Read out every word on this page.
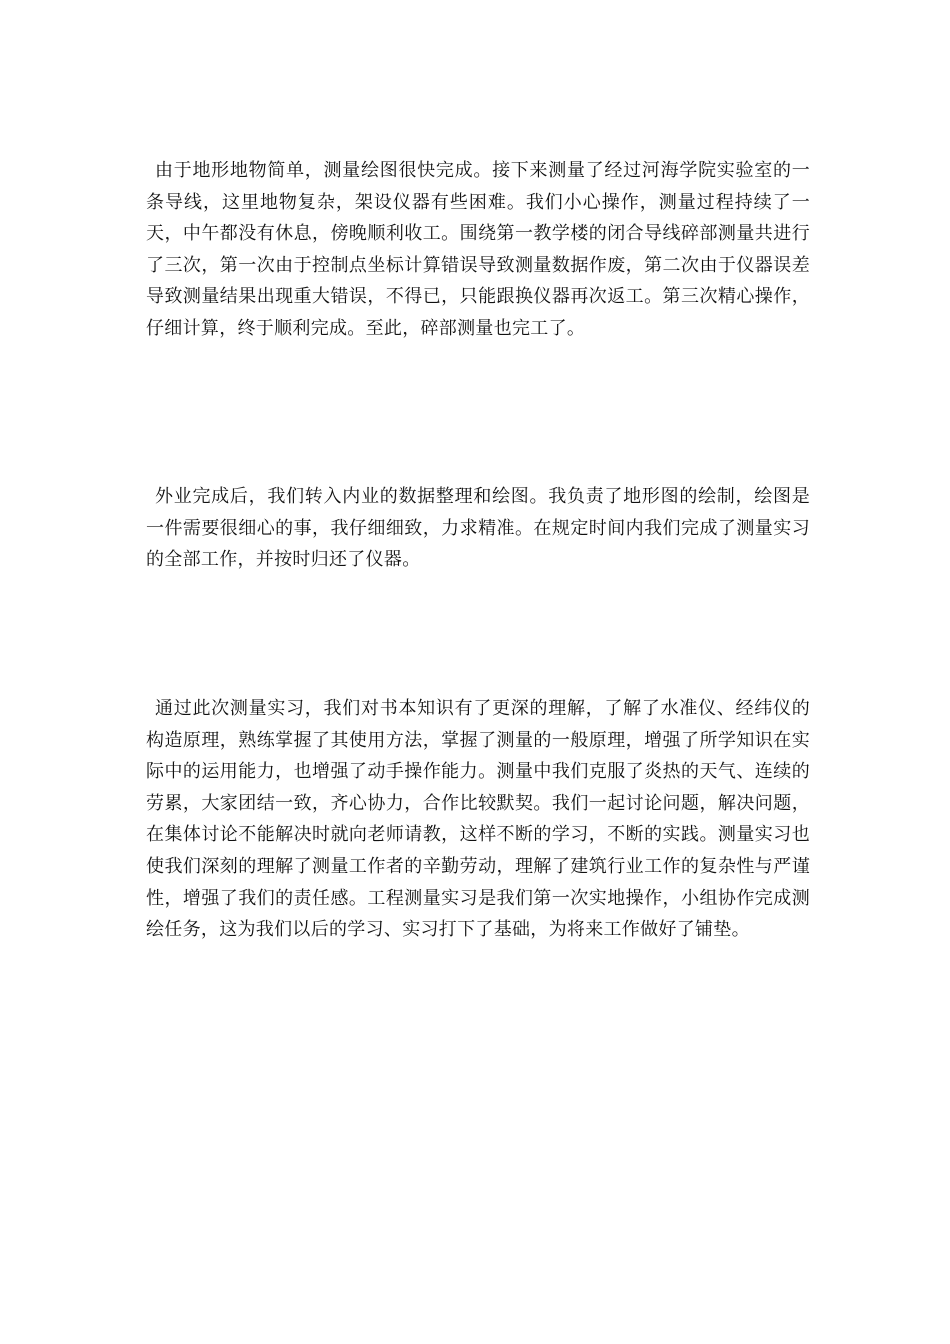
由于地形地物简单，测量绘图很快完成。接下来测量了经过河海学院实验室的一条导线，这里地物复杂，架设仪器有些困难。我们小心操作，测量过程持续了一天，中午都没有休息，傍晚顺利收工。围绕第一教学楼的闭合导线碎部测量共进行了三次，第一次由于控制点坐标计算错误导致测量数据作废，第二次由于仪器误差导致测量结果出现重大错误，不得已，只能跟换仪器再次返工。第三次精心操作，仔细计算，终于顺利完成。至此，碎部测量也完工了。

外业完成后，我们转入内业的数据整理和绘图。我负责了地形图的绘制，绘图是一件需要很细心的事，我仔细细致，力求精准。在规定时间内我们完成了测量实习的全部工作，并按时归还了仪器。

通过此次测量实习，我们对书本知识有了更深的理解，了解了水准仪、经纬仪的构造原理，熟练掌握了其使用方法，掌握了测量的一般原理，增强了所学知识在实际中的运用能力，也增强了动手操作能力。测量中我们克服了炎热的天气、连续的劳累，大家团结一致，齐心协力，合作比较默契。我们一起讨论问题，解决问题，在集体讨论不能解决时就向老师请教，这样不断的学习，不断的实践。测量实习也使我们深刻的理解了测量工作者的辛勤劳动，理解了建筑行业工作的复杂性与严谨性，增强了我们的责任感。工程测量实习是我们第一次实地操作，小组协作完成测绘任务，这为我们以后的学习、实习打下了基础，为将来工作做好了铺垫。
